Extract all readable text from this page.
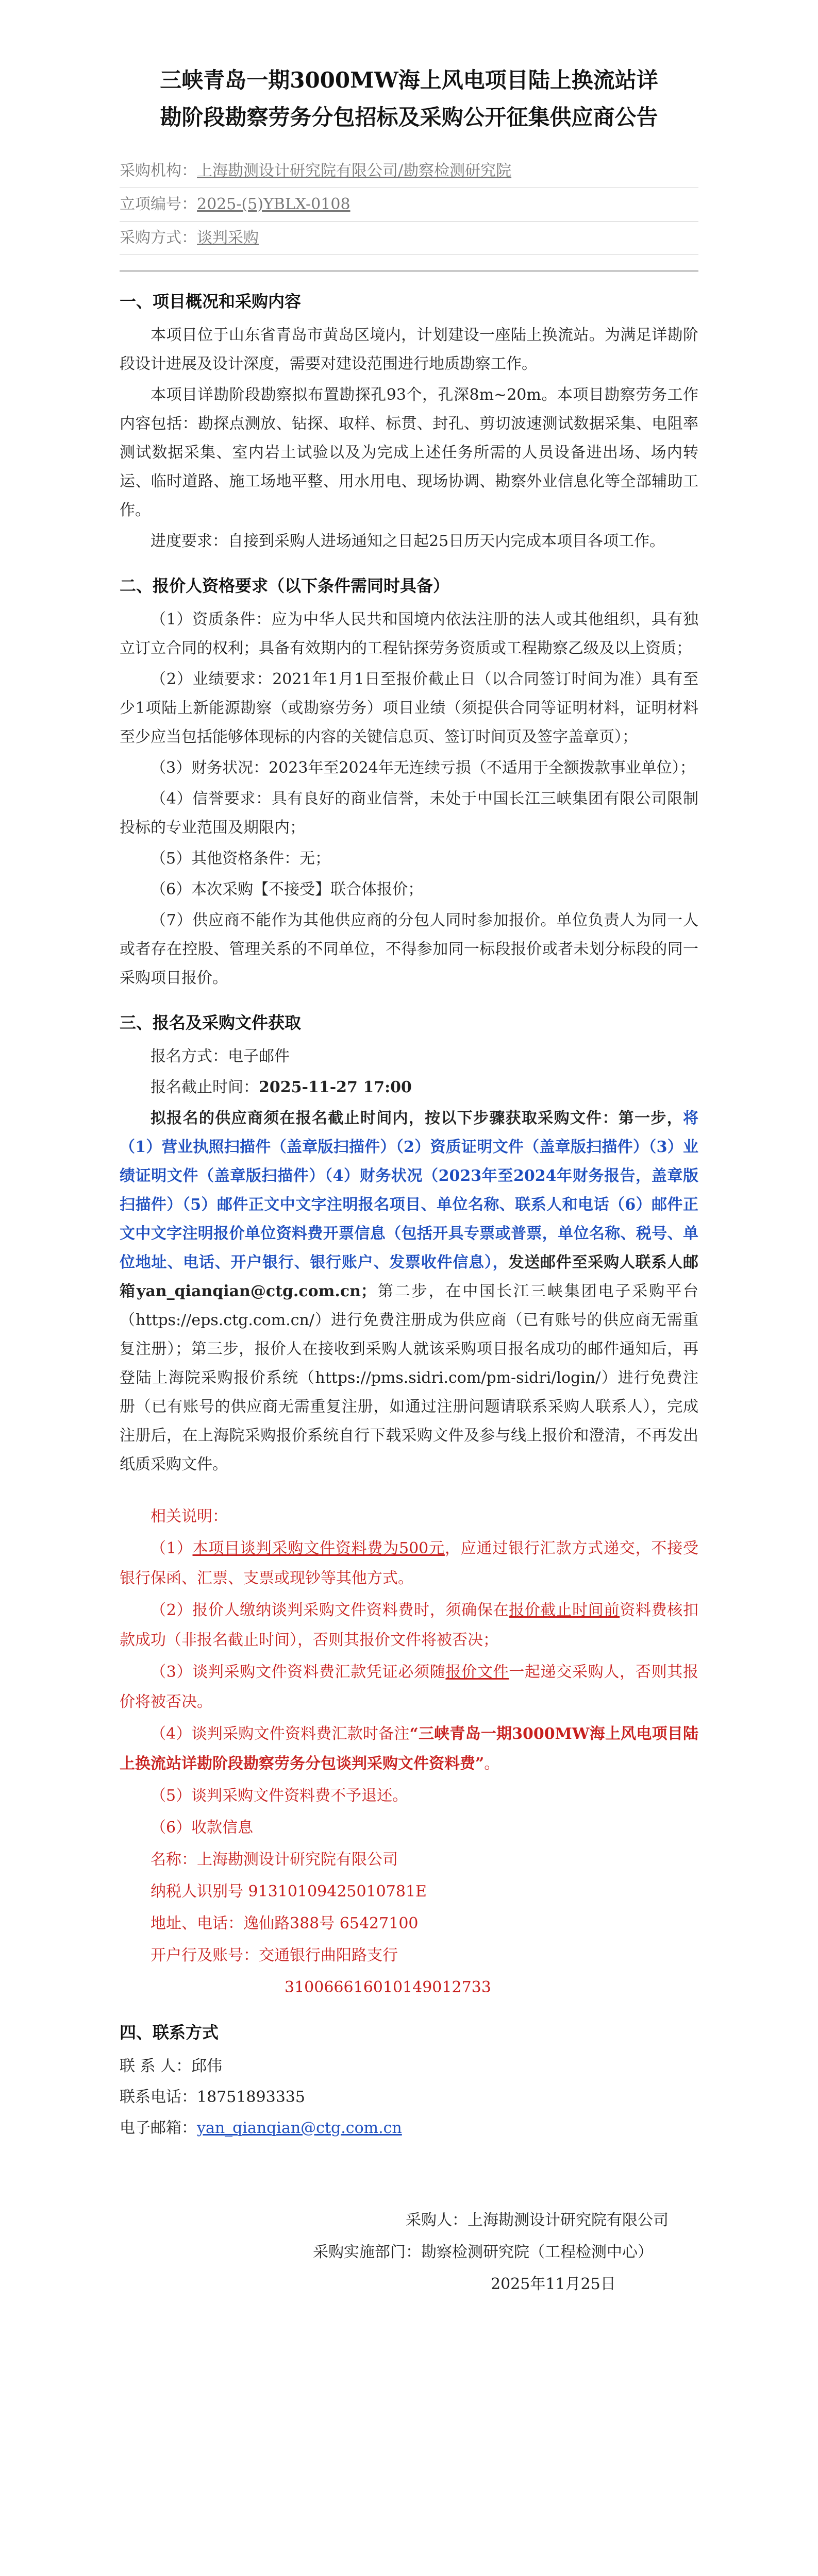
三峡青岛一期3000MW海上风电项目陆上换流站详
勘阶段勘察劳务分包招标及采购公开征集供应商公告
采购机构：上海勘测设计研究院有限公司/勘察检测研究院
立项编号：2025-(5)YBLX-0108
采购方式：谈判采购
一、项目概况和采购内容

本项目位于山东省青岛市黄岛区境内，计划建设一座陆上换流站。为满足详勘阶段设计进展及设计深度，需要对建设范围进行地质勘察工作。

本项目详勘阶段勘察拟布置勘探孔93个，孔深8m~20m。本项目勘察劳务工作内容包括：勘探点测放、钻探、取样、标贯、封孔、剪切波速测试数据采集、电阻率测试数据采集、室内岩土试验以及为完成上述任务所需的人员设备进出场、场内转运、临时道路、施工场地平整、用水用电、现场协调、勘察外业信息化等全部辅助工作。

进度要求：自接到采购人进场通知之日起25日历天内完成本项目各项工作。

二、报价人资格要求（以下条件需同时具备）

（1）资质条件：应为中华人民共和国境内依法注册的法人或其他组织，具有独立订立合同的权利；具备有效期内的工程钻探劳务资质或工程勘察乙级及以上资质；

（2）业绩要求：2021年1月1日至报价截止日（以合同签订时间为准）具有至少1项陆上新能源勘察（或勘察劳务）项目业绩（须提供合同等证明材料，证明材料至少应当包括能够体现标的内容的关键信息页、签订时间页及签字盖章页）；

（3）财务状况：2023年至2024年无连续亏损（不适用于全额拨款事业单位）；

（4）信誉要求：具有良好的商业信誉，未处于中国长江三峡集团有限公司限制投标的专业范围及期限内；

（5）其他资格条件：无；

（6）本次采购【不接受】联合体报价；

（7）供应商不能作为其他供应商的分包人同时参加报价。单位负责人为同一人或者存在控股、管理关系的不同单位，不得参加同一标段报价或者未划分标段的同一采购项目报价。

三、报名及采购文件获取

报名方式：电子邮件

报名截止时间：2025-11-27 17:00

拟报名的供应商须在报名截止时间内，按以下步骤获取采购文件：第一步，将（1）营业执照扫描件（盖章版扫描件）（2）资质证明文件（盖章版扫描件）（3）业绩证明文件（盖章版扫描件）（4）财务状况（2023年至2024年财务报告，盖章版扫描件）（5）邮件正文中文字注明报名项目、单位名称、联系人和电话（6）邮件正文中文字注明报价单位资料费开票信息（包括开具专票或普票，单位名称、税号、单位地址、电话、开户银行、银行账户、发票收件信息），发送邮件至采购人联系人邮箱yan_qianqian@ctg.com.cn；第二步，在中国长江三峡集团电子采购平台（https://eps.ctg.com.cn/）进行免费注册成为供应商（已有账号的供应商无需重复注册）；第三步，报价人在接收到采购人就该采购项目报名成功的邮件通知后，再登陆上海院采购报价系统（https://pms.sidri.com/pm-sidri/login/）进行免费注册（已有账号的供应商无需重复注册，如通过注册问题请联系采购人联系人），完成注册后，在上海院采购报价系统自行下载采购文件及参与线上报价和澄清，不再发出纸质采购文件。

相关说明：

（1）本项目谈判采购文件资料费为500元，应通过银行汇款方式递交，不接受银行保函、汇票、支票或现钞等其他方式。

（2）报价人缴纳谈判采购文件资料费时，须确保在报价截止时间前资料费核扣款成功（非报名截止时间），否则其报价文件将被否决；

（3）谈判采购文件资料费汇款凭证必须随报价文件一起递交采购人，否则其报价将被否决。

（4）谈判采购文件资料费汇款时备注“三峡青岛一期3000MW海上风电项目陆上换流站详勘阶段勘察劳务分包谈判采购文件资料费”。

（5）谈判采购文件资料费不予退还。

（6）收款信息

名称：上海勘测设计研究院有限公司

纳税人识别号 91310109425010781E

地址、电话：逸仙路388号 65427100

开户行及账号：交通银行曲阳路支行

310066616010149012733

四、联系方式

联 系 人：邱伟

联系电话：18751893335

电子邮箱：yan_qianqian@ctg.com.cn

采购人：上海勘测设计研究院有限公司
采购实施部门：勘察检测研究院（工程检测中心）
2025年11月25日
